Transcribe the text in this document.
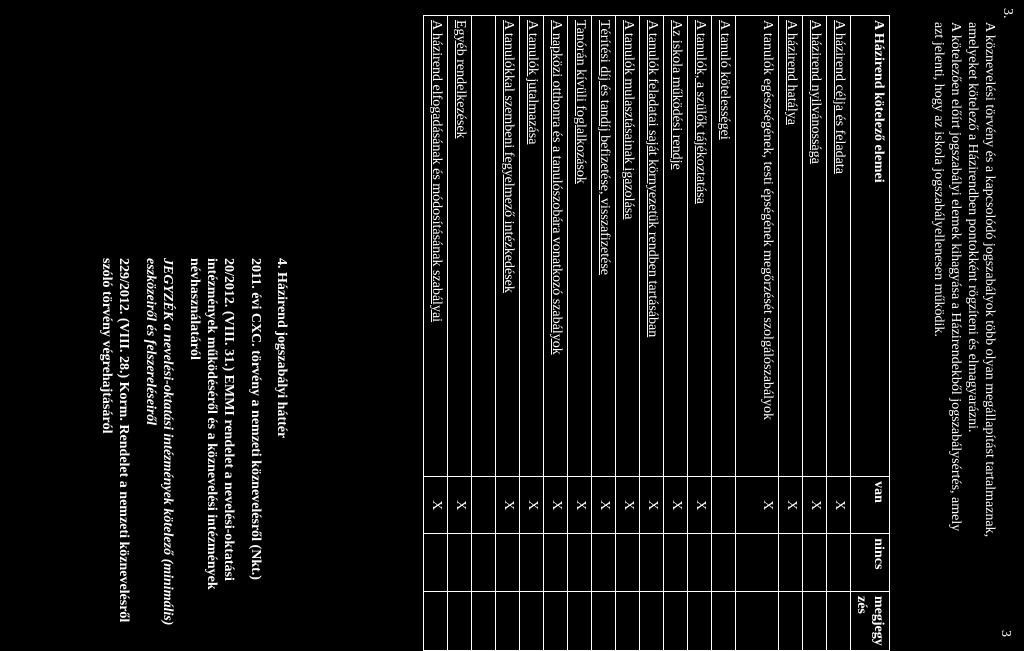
3.
3

A köznevelési törvény és a kapcsolódó jogszabályok több olyan megállapítást tartalmaznak,

amelyeket kötelező a Házirendben pontokként rögzíteni és elmagyarázni.

A kötelezően előírt jogszabályi elemek kihagyása a Házirendekből jogszabálysértés, amely

azt jelenti, hogy az iskola jogszabályellenesen működik.

A Házirend kötelező elemei	van	nincs	megjegy zés
A házirend célja és feladata	X		
A házirend nyilvánossága	X		
A házirend hatálya	X		
A tanulók egészségének, testi épségének megőrzését szolgálószabályok	X		
A tanuló kötelességei			
A tanulók, a szülők tájékoztatása	X		
Az iskola működési rendje	X		
A tanulók feladatai saját környezetük rendben tartásában	X		
A tanulók mulasztásainak igazolása	X		
Térítési díj és tandíj befizetése, visszafizetése	X		
Tanórán kívüli foglalkozások	X		
A napközi otthonra és a tanulószobára vonatkozó szabályok	X		
A tanulók jutalmazása	X		
A tanulókkal szembeni fegyelmező intézkedések	X		

Egyéb rendelkezések	X		
A házirend elfogadásának és módosításának szabályai	X		
4. Házirend jogszabályi háttér

2011. évi CXC. törvény a nemzeti köznevelésről (Nkt.)

20/2012. (VIII. 31.) EMMI rendelet a nevelési-oktatási intézmények működéséről és a köznevelési intézmények névhasználatáról

JEGYZÉK a nevelési-oktatási intézmények kötelező (minimális) eszközeiről és felszereléseiről

229/2012. (VIII. 28.) Korm. Rendelet a nemzeti köznevelésről szóló törvény végrehajtásáról
